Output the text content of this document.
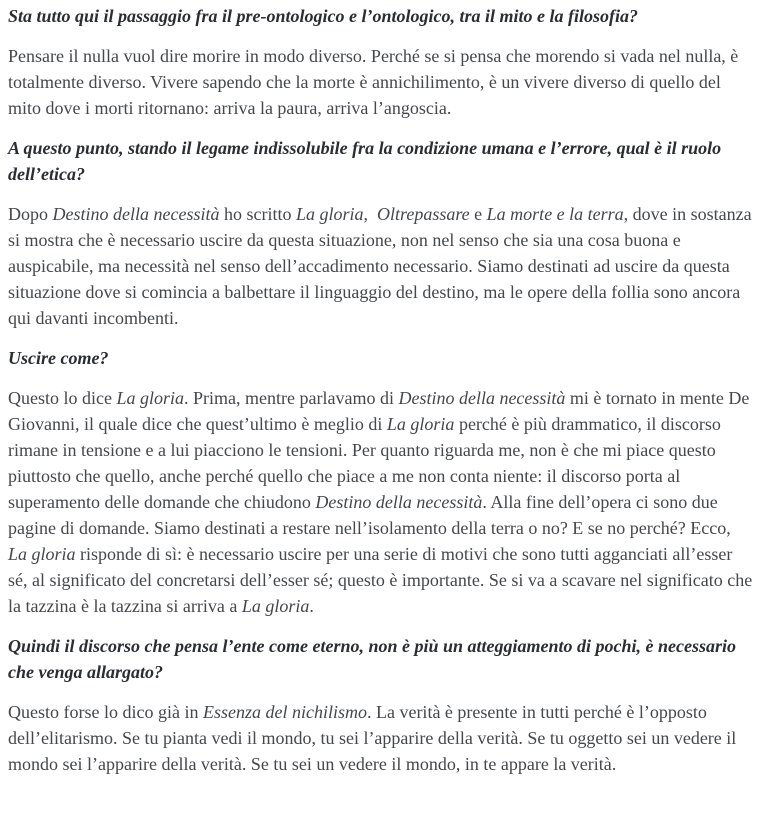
Sta tutto qui il passaggio fra il pre-ontologico e l’ontologico, tra il mito e la filosofia?

Pensare il nulla vuol dire morire in modo diverso. Perché se si pensa che morendo si vada nel nulla, è totalmente diverso. Vivere sapendo che la morte è annichilimento, è un vivere diverso di quello del mito dove i morti ritornano: arriva la paura, arriva l’angoscia.

A questo punto, stando il legame indissolubile fra la condizione umana e l’errore, qual è il ruolo dell’etica?

Dopo Destino della necessità ho scritto La gloria,  Oltrepassare e La morte e la terra, dove in sostanza si mostra che è necessario uscire da questa situazione, non nel senso che sia una cosa buona e auspicabile, ma necessità nel senso dell’accadimento necessario. Siamo destinati ad uscire da questa situazione dove si comincia a balbettare il linguaggio del destino, ma le opere della follia sono ancora qui davanti incombenti.

Uscire come?

Questo lo dice La gloria. Prima, mentre parlavamo di Destino della necessità mi è tornato in mente De Giovanni, il quale dice che quest’ultimo è meglio di La gloria perché è più drammatico, il discorso rimane in tensione e a lui piacciono le tensioni. Per quanto riguarda me, non è che mi piace questo piuttosto che quello, anche perché quello che piace a me non conta niente: il discorso porta al superamento delle domande che chiudono Destino della necessità. Alla fine dell’opera ci sono due pagine di domande. Siamo destinati a restare nell’isolamento della terra o no? E se no perché? Ecco, La gloria risponde di sì: è necessario uscire per una serie di motivi che sono tutti agganciati all’esser sé, al significato del concretarsi dell’esser sé; questo è importante. Se si va a scavare nel significato che la tazzina è la tazzina si arriva a La gloria.

Quindi il discorso che pensa l’ente come eterno, non è più un atteggiamento di pochi, è necessario che venga allargato?

Questo forse lo dico già in Essenza del nichilismo. La verità è presente in tutti perché è l’opposto dell’elitarismo. Se tu pianta vedi il mondo, tu sei l’apparire della verità. Se tu oggetto sei un vedere il mondo sei l’apparire della verità. Se tu sei un vedere il mondo, in te appare la verità.
